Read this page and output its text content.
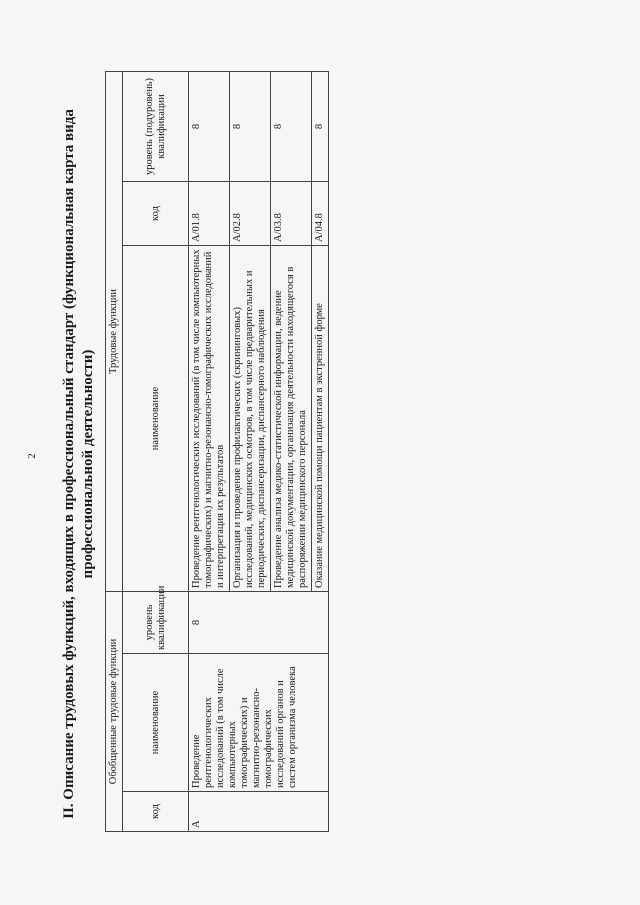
2 II. Описание трудовых функций, входящих в профессиональный стандарт (функциональная карта вида профессиональной деятельности)
Обобщенные трудовые функции			Трудовые функции		
код	наименование	уровень квалификации	наименование	код	уровень (подуровень) квалификации
А	Проведение рентгенологических исследований (в том числе компьютерных томографических) и магнитно-резонансно-томографических исследований органов и систем организма человека	8	Проведение рентгенологических исследований (в том числе компьютерных томографических) и магнитно-резонансно-томографических исследований и интерпретация их результатов	А/01.8	8
			Организация и проведение профилактических (скрининговых) исследований, медицинских осмотров, в том числе предварительных и периодических, диспансеризации, диспансерного наблюдения	А/02.8	8
			Проведение анализа медико-статистической информации, ведение медицинской документации, организация деятельности находящегося в распоряжении медицинского персонала	А/03.8	8
			Оказание медицинской помощи пациентам в экстренной форме	А/04.8	8
